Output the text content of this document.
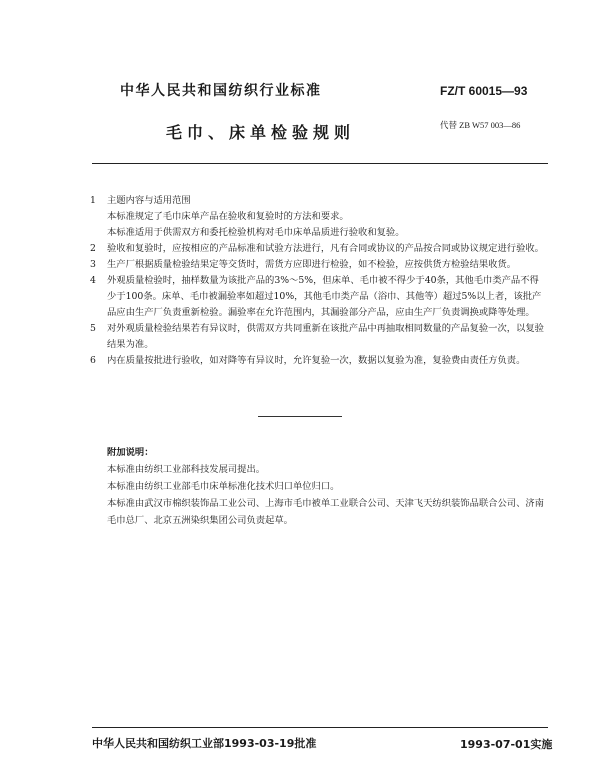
中华人民共和国纺织行业标准	FZ/T 60015—93
毛巾、床单检验规则	代替 ZB W57 003—86

1 主题内容与适用范围

本标准规定了毛巾床单产品在验收和复验时的方法和要求。

本标准适用于供需双方和委托检验机构对毛巾床单品质进行验收和复验。

2 验收和复验时，应按相应的产品标准和试验方法进行，凡有合同或协议的产品按合同或协议规定进行验收。

3 生产厂根据质量检验结果定等交货时，需货方应即进行检验，如不检验，应按供货方检验结果收货。

4 外观质量检验时，抽样数量为该批产品的3%～5%，但床单、毛巾被不得少于40条，其他毛巾类产品不得少于100条。床单、毛巾被漏验率如超过10%，其他毛巾类产品（浴巾、其他等）超过5%以上者，该批产品应由生产厂负责重新检验。漏验率在允许范围内，其漏验部分产品，应由生产厂负责调换或降等处理。

5 对外观质量检验结果若有异议时，供需双方共同重新在该批产品中再抽取相同数量的产品复验一次，以复验结果为准。

6 内在质量按批进行验收，如对降等有异议时，允许复验一次，数据以复验为准，复验费由责任方负责。

附加说明：

本标准由纺织工业部科技发展司提出。

本标准由纺织工业部毛巾床单标准化技术归口单位归口。

本标准由武汉市棉织装饰品工业公司、上海市毛巾被单工业联合公司、天津飞天纺织装饰品联合公司、济南毛巾总厂、北京五洲染织集团公司负责起草。

中华人民共和国纺织工业部1993-03-19批准	1993-07-01实施
